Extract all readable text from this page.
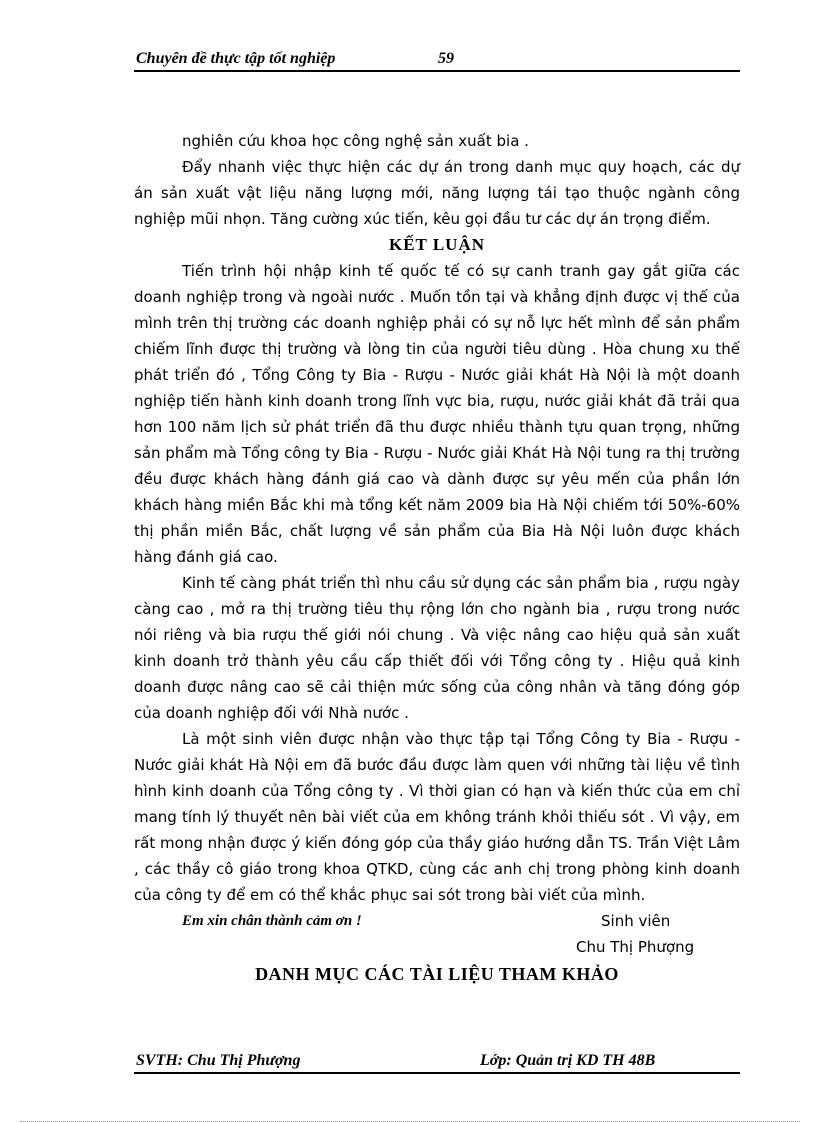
Chuyên đề thực tập tốt nghiệp	59

nghiên cứu khoa học công nghệ sản xuất bia .

Đẩy nhanh việc thực hiện các dự án trong danh mục quy hoạch, các dự án sản xuất vật liệu năng lượng mới, năng lượng tái tạo thuộc ngành công nghiệp mũi nhọn. Tăng cường xúc tiến, kêu gọi đầu tư các dự án trọng điểm.

KẾT LUẬN

Tiến trình hội nhập kinh tế quốc tế có sự canh tranh gay gắt giữa các doanh nghiệp trong và ngoài nước . Muốn tồn tại và khẳng định được vị thế của mình trên thị trường các doanh nghiệp phải có sự nỗ lực hết mình để sản phẩm chiếm lĩnh được thị trường và lòng tin của người tiêu dùng . Hòa chung xu thế phát triển đó , Tổng Công ty Bia - Rượu - Nước giải khát Hà Nội là một doanh nghiệp tiến hành kinh doanh trong lĩnh vực bia, rượu, nước giải khát đã trải qua hơn 100 năm lịch sử phát triển đã thu được nhiều thành tựu quan trọng, những sản phẩm mà Tổng công ty Bia - Rượu - Nước giải Khát Hà Nội tung ra thị trường đều được khách hàng đánh giá cao và dành được sự yêu mến của phần lớn khách hàng miền Bắc khi mà tổng kết năm 2009 bia Hà Nội chiếm tới 50%-60% thị phần miền Bắc, chất lượng về sản phẩm của Bia Hà Nội luôn được khách hàng đánh giá cao.

Kinh tế càng phát triển thì nhu cầu sử dụng các sản phẩm bia , rượu ngày càng cao , mở ra thị trường tiêu thụ rộng lớn cho ngành bia , rượu trong nước nói riêng và bia rượu thế giới nói chung . Và việc nâng cao hiệu quả sản xuất kinh doanh trở thành yêu cầu cấp thiết đối với Tổng công ty . Hiệu quả kinh doanh được nâng cao sẽ cải thiện mức sống của công nhân và tăng đóng góp của doanh nghiệp đối với Nhà nước .

Là một sinh viên được nhận vào thực tập tại Tổng Công ty Bia - Rượu - Nước giải khát Hà Nội em đã bước đầu được làm quen với những tài liệu về tình hình kinh doanh của Tổng công ty . Vì thời gian có hạn và kiến thức của em chỉ mang tính lý thuyết nên bài viết của em không tránh khỏi thiếu sót . Vì vậy, em rất mong nhận được ý kiến đóng góp của thầy giáo hướng dẫn TS. Trần Việt Lâm , các thầy cô giáo trong khoa QTKD, cùng các anh chị trong phòng kinh doanh của công ty để em có thể khắc phục sai sót trong bài viết của mình.

Em xin chân thành cảm ơn !	Sinh viên
Chu Thị Phượng
DANH MỤC CÁC TÀI LIỆU THAM KHẢO
SVTH: Chu Thị Phượng	Lớp: Quản trị KD TH 48B
